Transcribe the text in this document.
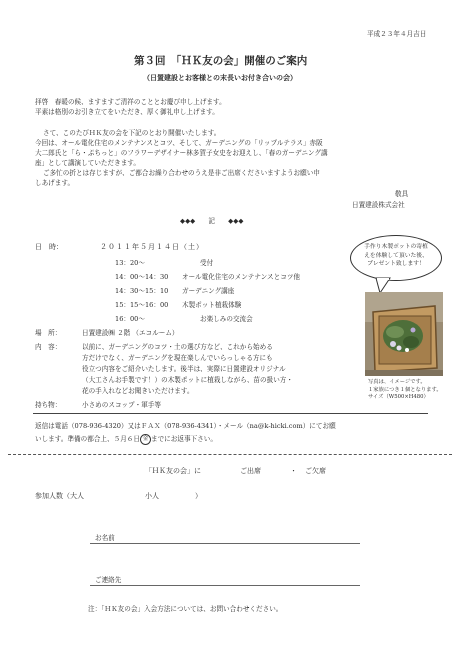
平成２３年４月吉日
第３回　「ＨＫ友の会」開催のご案内
（日置建設とお客様との末長いお付き合いの会）
拝啓　春暖の候、ますますご清祥のこととお慶び申し上げます。
平素は格別のお引き立てをいただき、厚く御礼申し上げます。
さて、このたびＨＫ友の会を下記のとおり開催いたします。
今回は、オール電化住宅のメンテナンスとコツ、そして、ガーデニングの「リップルテラス」赤阪
大二郎氏と「ら・ぷちっと」のフラワーデザイナー林多賀子女史をお迎えし、「春のガーデニング講
座」として講演していただきます。
ご多忙の折とは存じますが、ご都合お繰り合わせのうえ是非ご出席くださいますようお願い申
しあげます。
敬具
日置建設株式会社
◆◆◆　　記　　◆◆◆
日　時：	２０１１年５月１４日（土）
13：20～	受付
14：00～14：30 オール電化住宅のメンテナンスとコツ他
14：30～15：10 ガーデニング講座
15：15～16：00 木製ポット植栽体験
16：00～	お楽しみの交流会
場　所：	日置建設㈱ ２階 （エコルーム）
内　容：	以前に、ガーデニングのコツ・土の選び方など、これから始める
方だけでなく、ガーデニングを現在楽しんでいらっしゃる方にも
役立つ内容をご紹介いたします。後半は、実際に日置建設オリジナル
（大工さんお手製です！）の木製ポットに植栽しながら、苗の扱い方・
花の手入れなどお聞きいただけます。
持ち物：	小さめのスコップ・軍手等
手作り木製ポットの寄植
えを体験して頂いた後、
プレゼント致します！
写真は、イメージです。
１家族につき１個となります。
サイズ（W500×H480）
返信は電話（078-936-4320）又はＦＡＸ（078-936-4341）・メール（na@k-hicki.com）にてお願
いします。準備の都合上、５月６日 金 までにお返事下さい。
「ＨＫ友の会」に	ご出席	・ ご欠席
参加人数（大人	小人	）
お名前
ご連絡先
注：「ＨＫ友の会」入会方法については、お問い合わせください。
